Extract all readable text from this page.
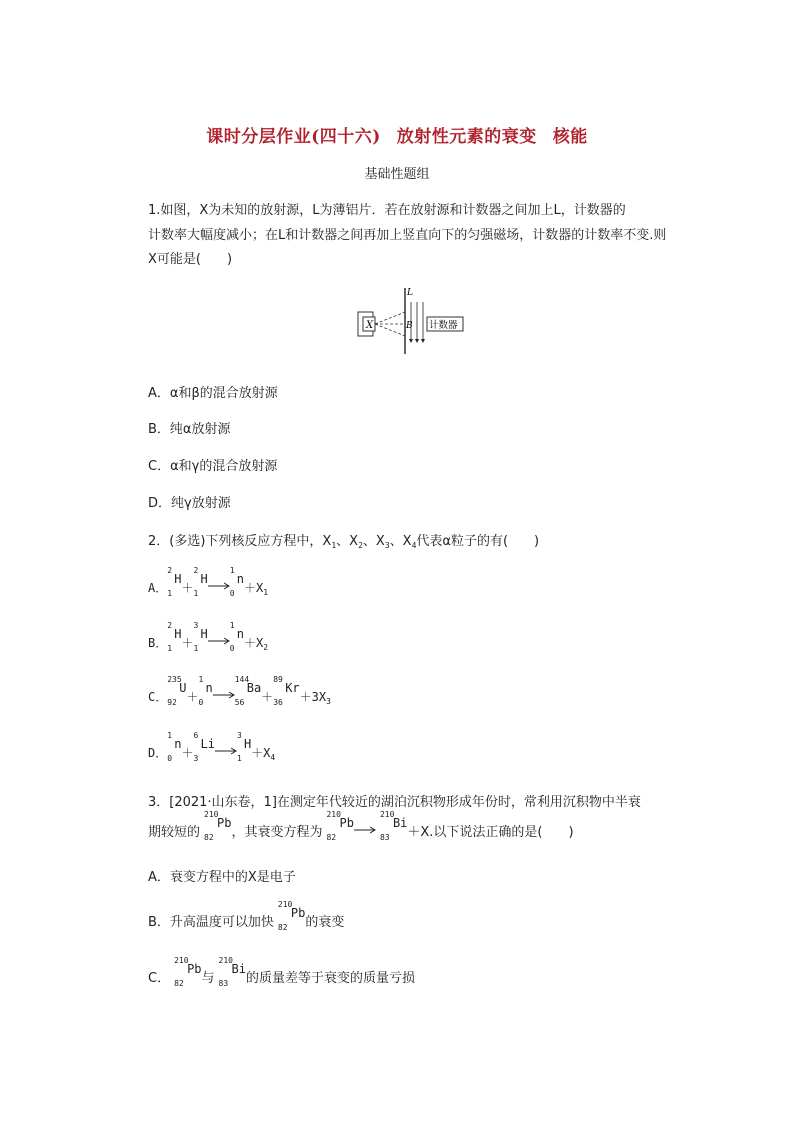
课时分层作业(四十六) 放射性元素的衰变 核能
基础性题组
1.如图，X为未知的放射源，L为薄铝片．若在放射源和计数器之间加上L，计数器的
计数率大幅度减小；在L和计数器之间再加上竖直向下的匀强磁场，计数器的计数率不变.则
X可能是(　　)
X
L
B 计数器
A．α和β的混合放射源
B．纯α放射源
C．α和γ的混合放射源
D．纯γ放射源
2．(多选)下列核反应方程中，$X_1$、$X_2$、$X_3$、$X_4$代表α粒子的有(　　)
A．
2
1
H＋
2
1
H→
1
0
$n+X_1$
B．
2
1
H＋
3
1
H→
1
0
$n+X_2$
C．
235
92
U＋
1
0
n→
144
56
Ba＋
89
36
$Kr+3X_3$
D．
1
0
n＋
6
3
Li→
3
1
$H+X_4$
3．[2021·山东卷，1]在测定年代较近的湖泊沉积物形成年份时，常利用沉积物中半衰
期较短的
210
82
Pb，其衰变方程为
210
82
Pb→
210
83
Bi＋X.以下说法正确的是(　　)
A．衰变方程中的X是电子
B．升高温度可以加快
210
82
Pb的衰变
C．
210
82
Pb与
210
83
Bi的质量差等于衰变的质量亏损
